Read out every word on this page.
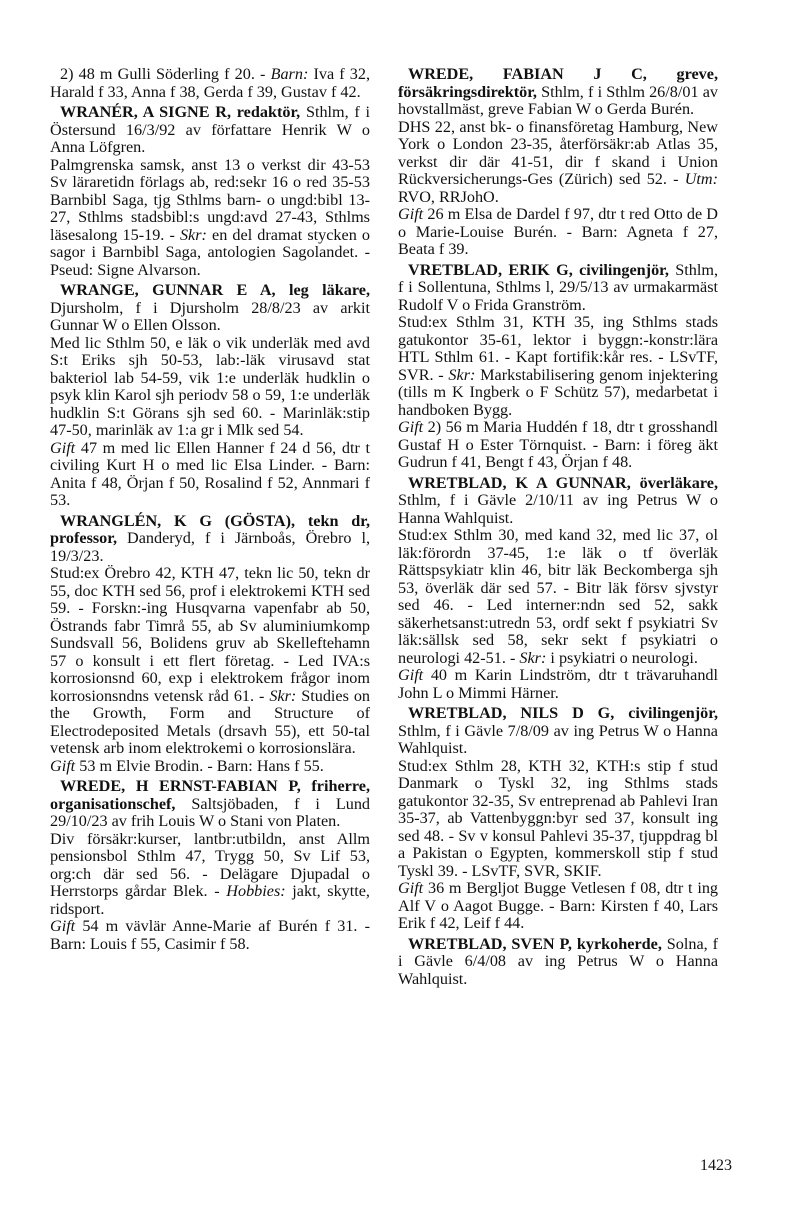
2) 48 m Gulli Söderling f 20. - Barn: Iva f 32, Harald f 33, Anna f 38, Gerda f 39, Gustav f 42.

WRANÉR, A SIGNE R, redaktör, Sthlm, f i Östersund 16/3/92 av författare Henrik W o Anna Löfgren.

Palmgrenska samsk, anst 13 o verkst dir 43-53 Sv läraretidn förlags ab, red:sekr 16 o red 35-53 Barnbibl Saga, tjg Sthlms barn- o ungd:bibl 13-27, Sthlms stadsbibl:s ungd:avd 27-43, Sthlms läsesalong 15-19. - Skr: en del dramat stycken o sagor i Barnbibl Saga, antologien Sagolandet. - Pseud: Signe Alvarson.

WRANGE, GUNNAR E A, leg läkare, Djursholm, f i Djursholm 28/8/23 av arkit Gunnar W o Ellen Olsson.

Med lic Sthlm 50, e läk o vik underläk med avd S:t Eriks sjh 50-53, lab:-läk virusavd stat bakteriol lab 54-59, vik 1:e underläk hudklin o psyk klin Karol sjh periodv 58 o 59, 1:e underläk hudklin S:t Görans sjh sed 60. - Marinläk:stip 47-50, marinläk av 1:a gr i Mlk sed 54.

Gift 47 m med lic Ellen Hanner f 24 d 56, dtr t civiling Kurt H o med lic Elsa Linder. - Barn: Anita f 48, Örjan f 50, Rosalind f 52, Annmari f 53.

WRANGLÉN, K G (GÖSTA), tekn dr, professor, Danderyd, f i Järnboås, Örebro l, 19/3/23.

Stud:ex Örebro 42, KTH 47, tekn lic 50, tekn dr 55, doc KTH sed 56, prof i elektrokemi KTH sed 59. - Forskn:-ing Husqvarna vapenfabr ab 50, Östrands fabr Timrå 55, ab Sv aluminiumkomp Sundsvall 56, Bolidens gruv ab Skelleftehamn 57 o konsult i ett flert företag. - Led IVA:s korrosionsnd 60, exp i elektrokem frågor inom korrosionsndns vetensk råd 61. - Skr: Studies on the Growth, Form and Structure of Electrodeposited Metals (drsavh 55), ett 50-tal vetensk arb inom elektrokemi o korrosionslära.

Gift 53 m Elvie Brodin. - Barn: Hans f 55.

WREDE, H ERNST-FABIAN P, friherre, organisationschef, Saltsjöbaden, f i Lund 29/10/23 av frih Louis W o Stani von Platen.

Div försäkr:kurser, lantbr:utbildn, anst Allm pensionsbol Sthlm 47, Trygg 50, Sv Lif 53, org:ch där sed 56. - Delägare Djupadal o Herrstorps gårdar Blek. - Hobbies: jakt, skytte, ridsport.

Gift 54 m vävlär Anne-Marie af Burén f 31. - Barn: Louis f 55, Casimir f 58.

WREDE, FABIAN J C, greve, försäkringsdirektör, Sthlm, f i Sthlm 26/8/01 av hovstallmäst, greve Fabian W o Gerda Burén.

DHS 22, anst bk- o finansföretag Hamburg, New York o London 23-35, återförsäkr:ab Atlas 35, verkst dir där 41-51, dir f skand i Union Rückversicherungs-Ges (Zürich) sed 52. - Utm: RVO, RRJohO.

Gift 26 m Elsa de Dardel f 97, dtr t red Otto de D o Marie-Louise Burén. - Barn: Agneta f 27, Beata f 39.

VRETBLAD, ERIK G, civilingenjör, Sthlm, f i Sollentuna, Sthlms l, 29/5/13 av urmakarmäst Rudolf V o Frida Granström.

Stud:ex Sthlm 31, KTH 35, ing Sthlms stads gatukontor 35-61, lektor i byggn:-konstr:lära HTL Sthlm 61. - Kapt fortifik:kår res. - LSvTF, SVR. - Skr: Markstabilisering genom injektering (tills m K Ingberk o F Schütz 57), medarbetat i handboken Bygg.

Gift 2) 56 m Maria Huddén f 18, dtr t grosshandl Gustaf H o Ester Törnquist. - Barn: i föreg äkt Gudrun f 41, Bengt f 43, Örjan f 48.

WRETBLAD, K A GUNNAR, överläkare, Sthlm, f i Gävle 2/10/11 av ing Petrus W o Hanna Wahlquist.

Stud:ex Sthlm 30, med kand 32, med lic 37, ol läk:förordn 37-45, 1:e läk o tf överläk Rättspsykiatr klin 46, bitr läk Beckomberga sjh 53, överläk där sed 57. - Bitr läk försv sjvstyr sed 46. - Led interner:ndn sed 52, sakk säkerhetsanst:utredn 53, ordf sekt f psykiatri Sv läk:sällsk sed 58, sekr sekt f psykiatri o neurologi 42-51. - Skr: i psykiatri o neurologi.

Gift 40 m Karin Lindström, dtr t trävaruhandl John L o Mimmi Härner.

WRETBLAD, NILS D G, civilingenjör, Sthlm, f i Gävle 7/8/09 av ing Petrus W o Hanna Wahlquist.

Stud:ex Sthlm 28, KTH 32, KTH:s stip f stud Danmark o Tyskl 32, ing Sthlms stads gatukontor 32-35, Sv entreprenad ab Pahlevi Iran 35-37, ab Vattenbyggn:byr sed 37, konsult ing sed 48. - Sv v konsul Pahlevi 35-37, tjuppdrag bl a Pakistan o Egypten, kommerskoll stip f stud Tyskl 39. - LSvTF, SVR, SKIF.

Gift 36 m Bergljot Bugge Vetlesen f 08, dtr t ing Alf V o Aagot Bugge. - Barn: Kirsten f 40, Lars Erik f 42, Leif f 44.

WRETBLAD, SVEN P, kyrkoherde, Solna, f i Gävle 6/4/08 av ing Petrus W o Hanna Wahlquist.

1423
